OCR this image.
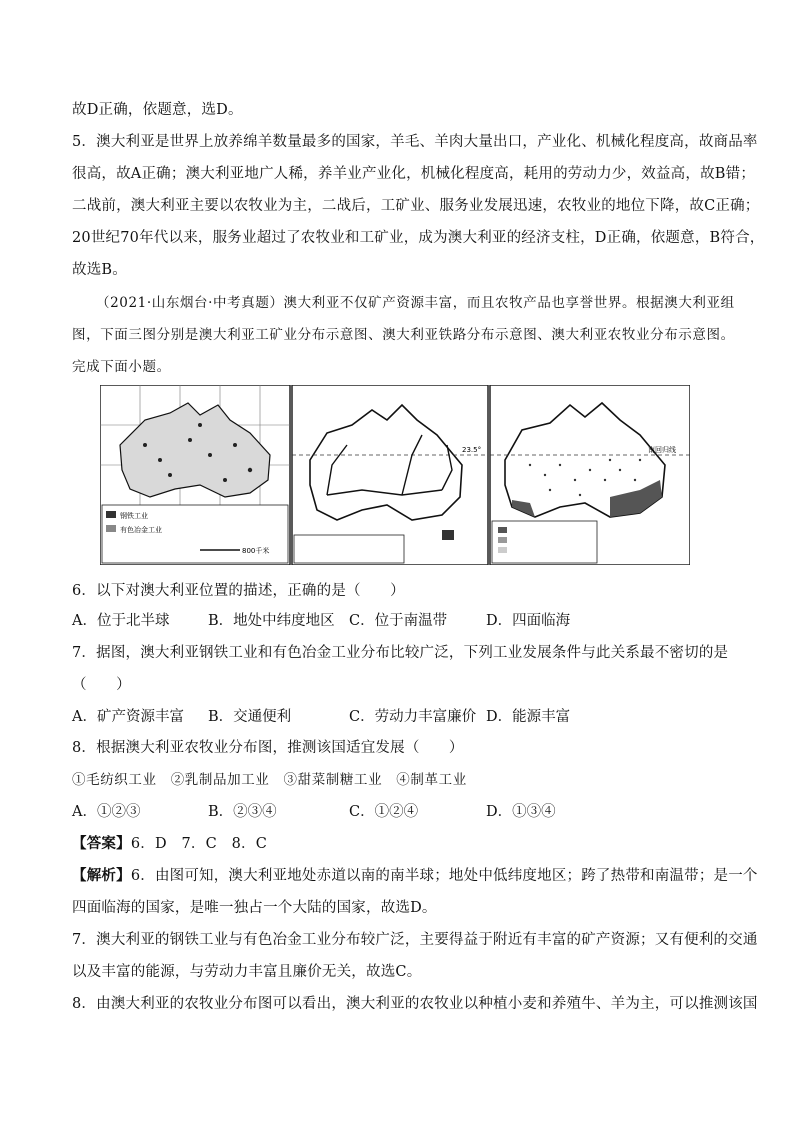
故D正确，依题意，选D。
5．澳大利亚是世界上放养绵羊数量最多的国家，羊毛、羊肉大量出口，产业化、机械化程度高，故商品率
很高，故A正确；澳大利亚地广人稀，养羊业产业化，机械化程度高，耗用的劳动力少，效益高，故B错；
二战前，澳大利亚主要以农牧业为主，二战后，工矿业、服务业发展迅速，农牧业的地位下降，故C正确；
20世纪70年代以来，服务业超过了农牧业和工矿业，成为澳大利亚的经济支柱，D正确，依题意，B符合，
故选B。
（2021·山东烟台·中考真题）澳大利亚不仅矿产资源丰富，而且农牧产品也享誉世界。根据澳大利亚组
图，下面三图分别是澳大利亚工矿业分布示意图、澳大利亚铁路分布示意图、澳大利亚农牧业分布示意图。
完成下面小题。
钢铁工业
有色冶金工业
800千米
23.5°	南回归线
6．以下对澳大利亚位置的描述，正确的是（　　）
A．位于北半球	B．地处中纬度地区 C．位于南温带	D．四面临海
7．据图，澳大利亚钢铁工业和有色冶金工业分布比较广泛，下列工业发展条件与此关系最不密切的是
（　　）
A．矿产资源丰富 B．交通便利	C．劳动力丰富廉价 D．能源丰富
8．根据澳大利亚农牧业分布图，推测该国适宜发展（　　）
①毛纺织工业　②乳制品加工业　③甜菜制糖工业　④制革工业
A．①②③	B．②③④	C．①②④	D．①③④
【答案】6．D　7．C　8．C
【解析】6．由图可知，澳大利亚地处赤道以南的南半球；地处中低纬度地区；跨了热带和南温带；是一个
四面临海的国家，是唯一独占一个大陆的国家，故选D。
7．澳大利亚的钢铁工业与有色冶金工业分布较广泛，主要得益于附近有丰富的矿产资源；又有便利的交通
以及丰富的能源，与劳动力丰富且廉价无关，故选C。
8．由澳大利亚的农牧业分布图可以看出，澳大利亚的农牧业以种植小麦和养殖牛、羊为主，可以推测该国
